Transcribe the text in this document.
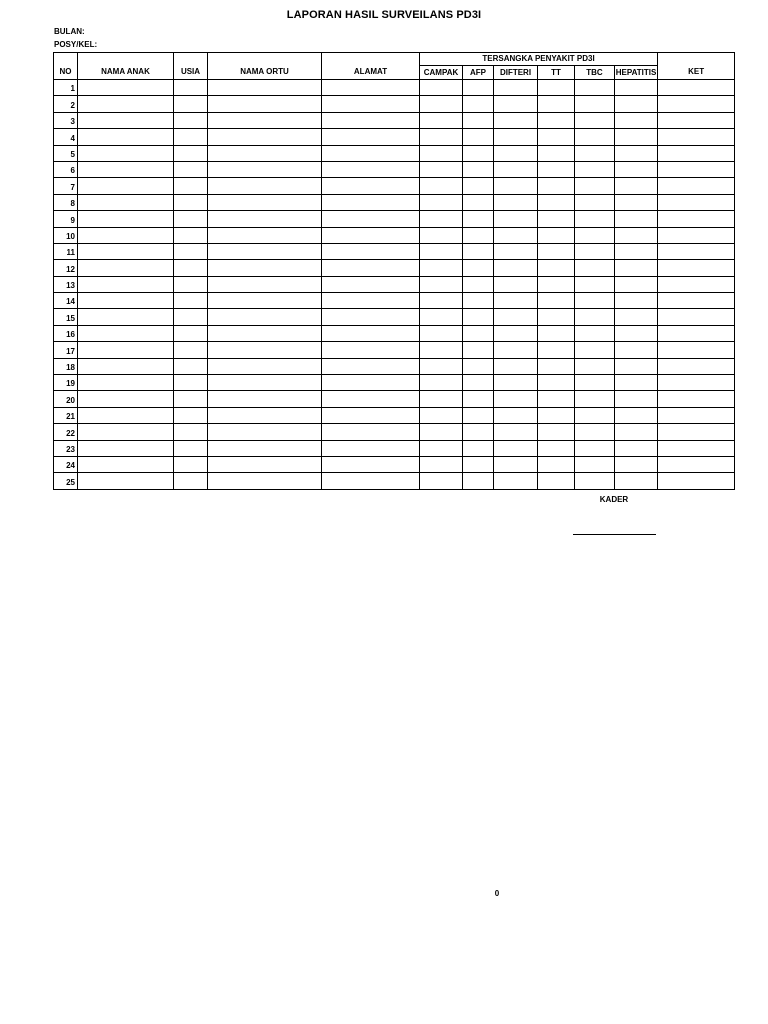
LAPORAN HASIL SURVEILANS PD3I
BULAN:
POSY/KEL:
NO	NAMA ANAK	USIA	NAMA ORTU	ALAMAT	TERSANGKA PENYAKIT PD3I						KET
					CAMPAK	AFP	DIFTERI	TT	TBC	HEPATITIS	
1											
2											
3											
4											
5											
6											
7											
8											
9											
10											
11											
12											
13											
14											
15											
16											
17											
18											
19											
20											
21											
22											
23											
24											
25											
KADER
0
